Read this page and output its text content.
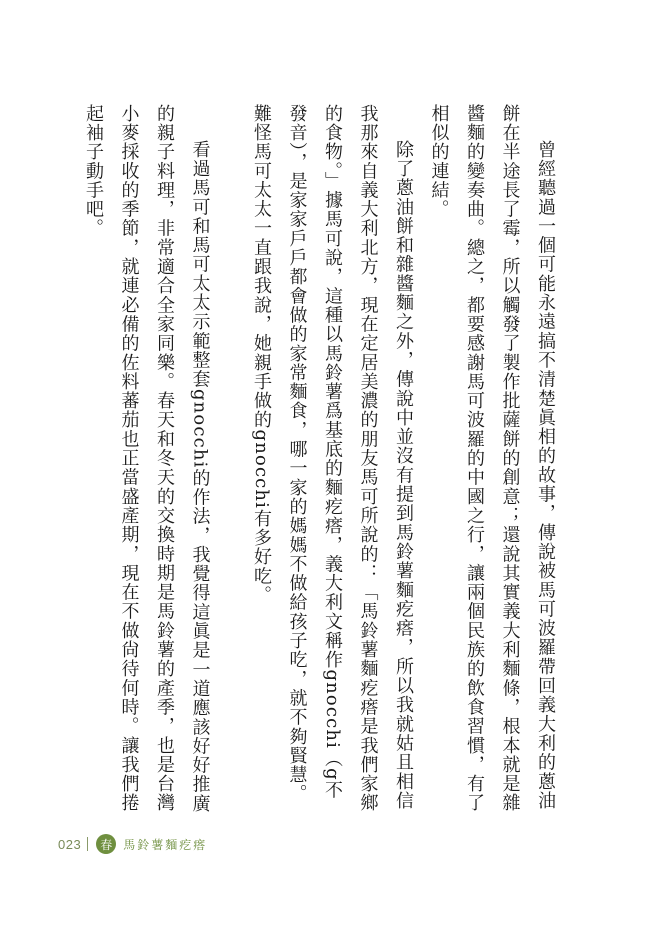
曾經聽過一個可能永遠搞不清楚眞相的故事，傳說被馬可波羅帶回義大利的蔥油餅在半途長了霉，所以觸發了製作批薩餅的創意；還說其實義大利麵條，根本就是雜醬麵的變奏曲。總之，都要感謝馬可波羅的中國之行，讓兩個民族的飲食習慣，有了相似的連結。

除了蔥油餅和雜醬麵之外，傳說中並沒有提到馬鈴薯麵疙瘩，所以我就姑且相信我那來自義大利北方，現在定居美濃的朋友馬可所說的：「馬鈴薯麵疙瘩是我們家鄉的食物。」據馬可說，這種以馬鈴薯爲基底的麵疙瘩，義大利文稱作gnocchi（g不發音），是家家戶戶都會做的家常麵食，哪一家的媽媽不做給孩子吃，就不夠賢慧。難怪馬可太太一直跟我說，她親手做的gnocchi有多好吃。

看過馬可和馬可太太示範整套gnocchi的作法，我覺得這眞是一道應該好好推廣的親子料理，非常適合全家同樂。春天和冬天的交換時期是馬鈴薯的產季，也是台灣小麥採收的季節，就連必備的佐料蕃茄也正當盛產期，現在不做尙待何時。讓我們捲起袖子動手吧。

023	春 馬鈴薯麵疙瘩
